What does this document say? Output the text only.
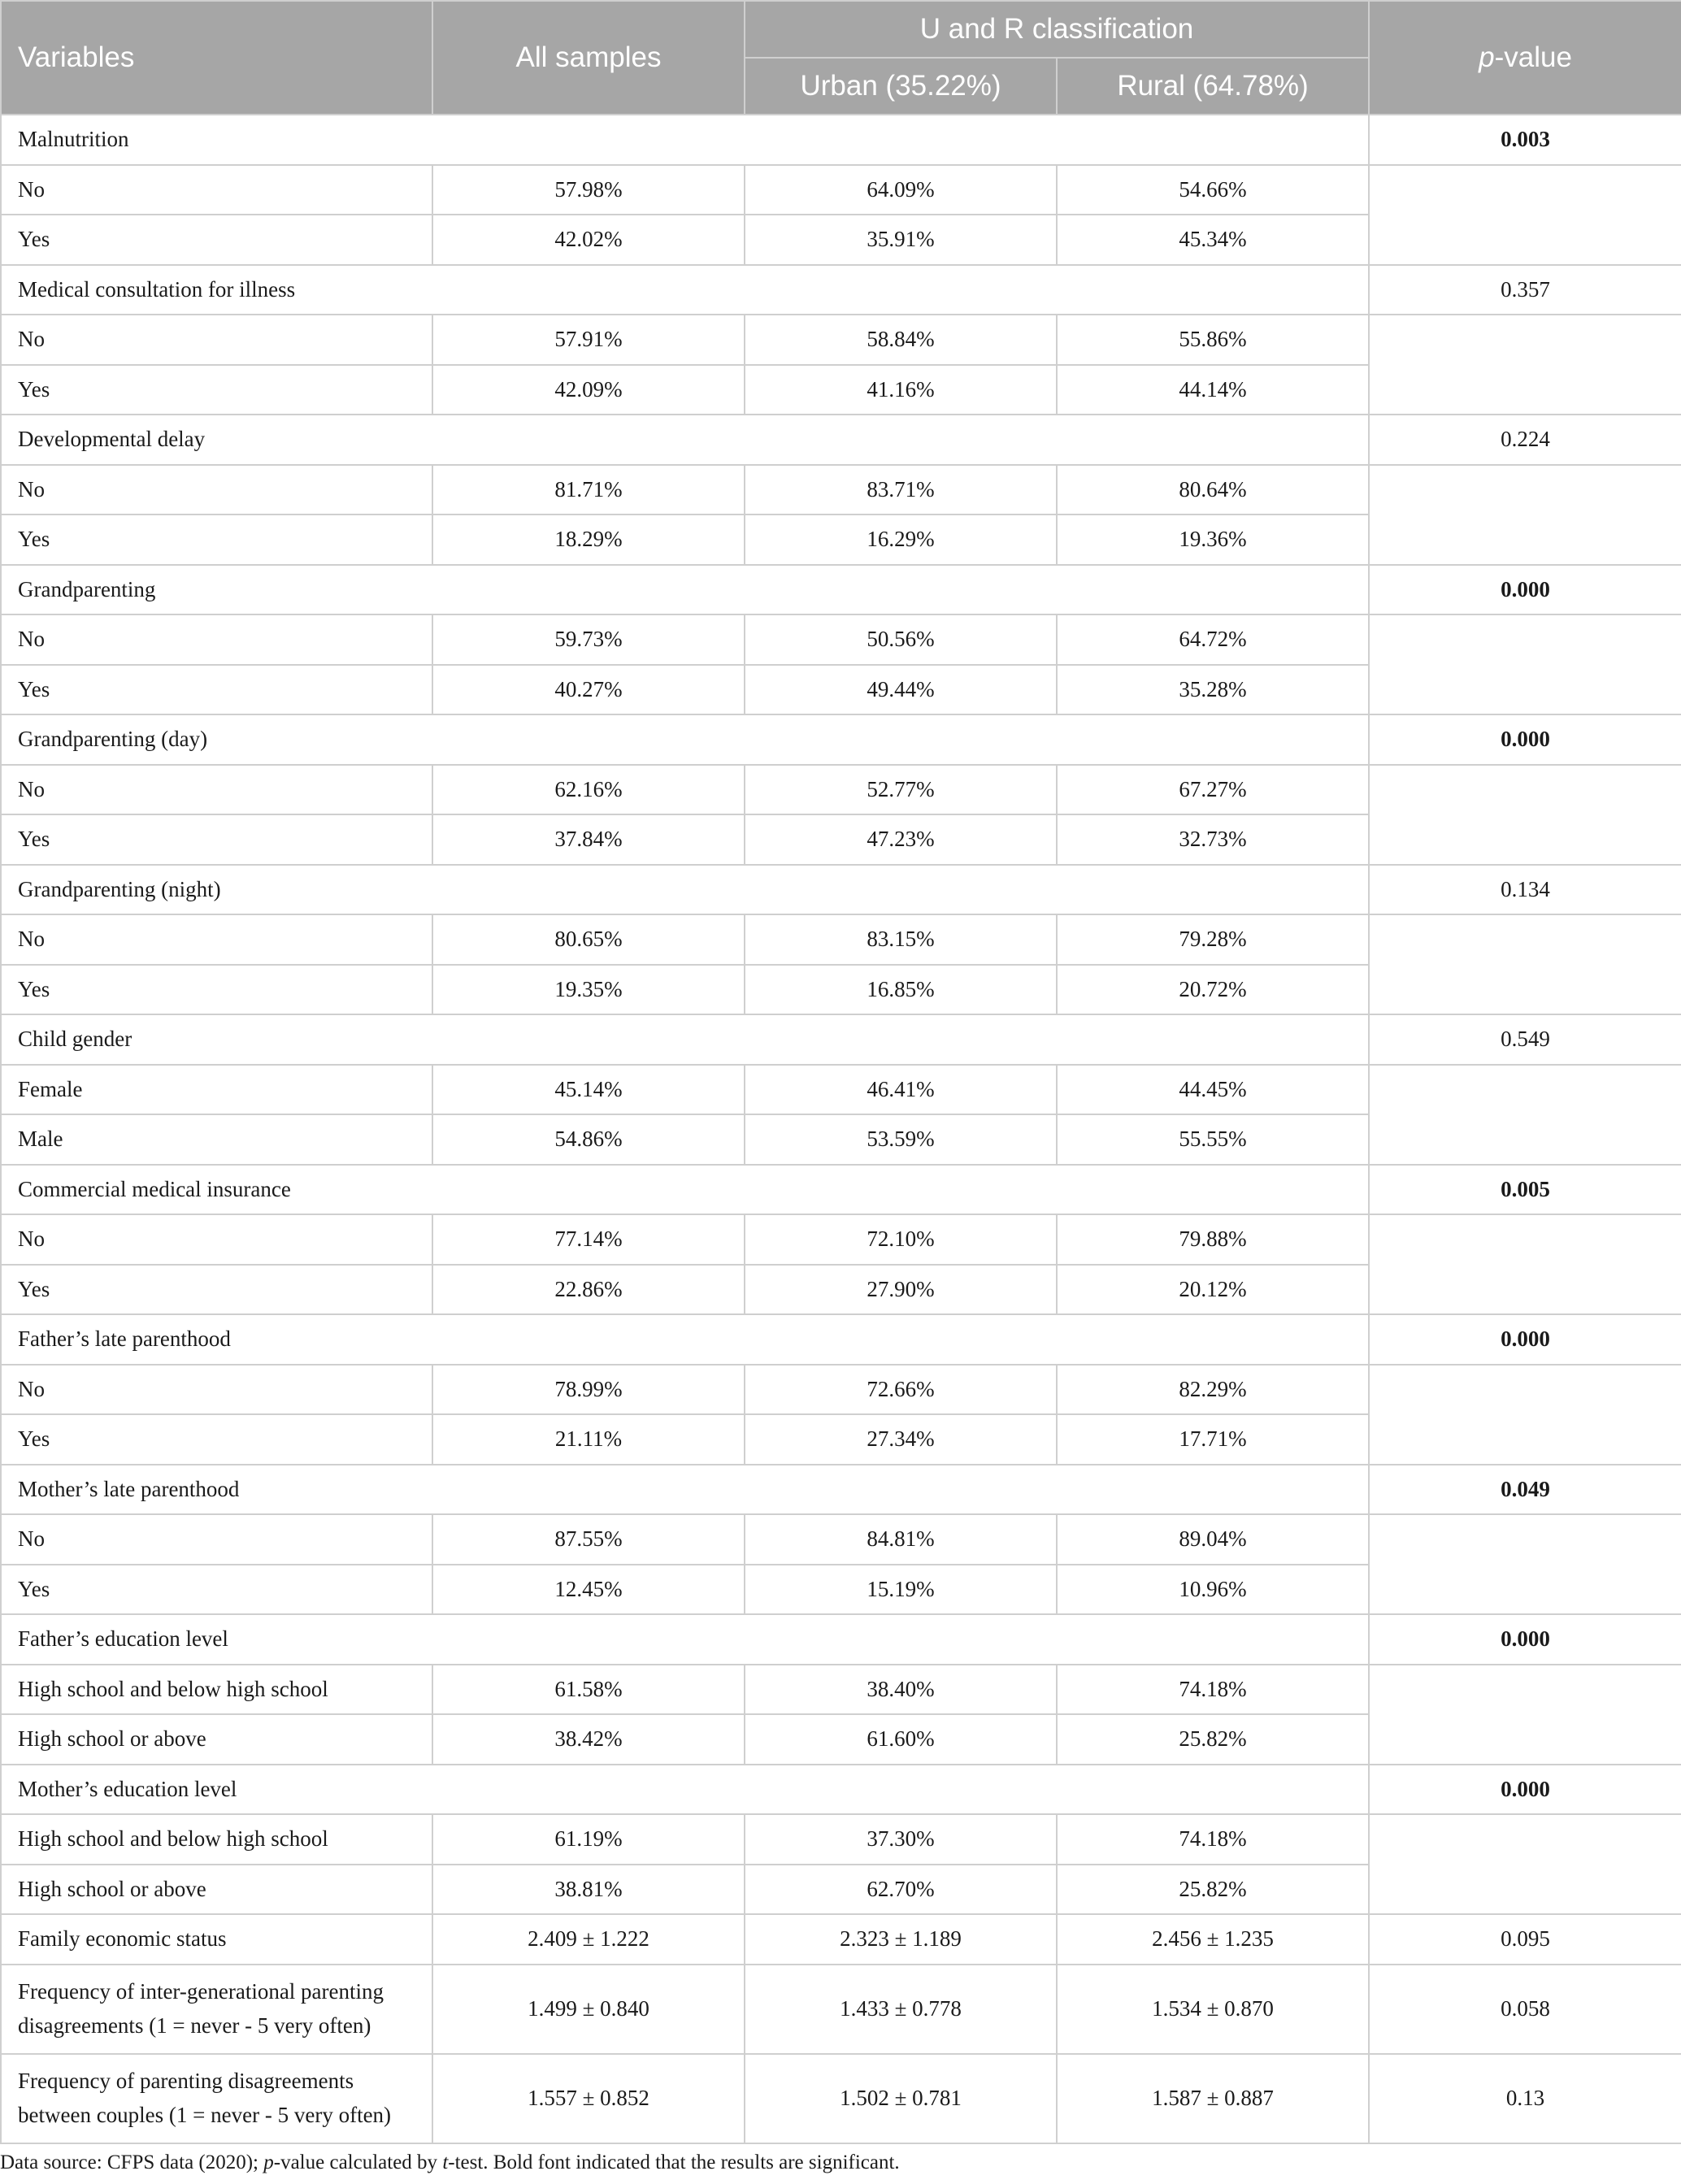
Variables	All samples	U and R classification		p-value
		Urban (35.22%)	Rural (64.78%)	
Malnutrition				0.003
No	57.98%	64.09%	54.66%	
Yes	42.02%	35.91%	45.34%	
Medical consultation for illness				0.357
No	57.91%	58.84%	55.86%	
Yes	42.09%	41.16%	44.14%	
Developmental delay				0.224
No	81.71%	83.71%	80.64%	
Yes	18.29%	16.29%	19.36%	
Grandparenting				0.000
No	59.73%	50.56%	64.72%	
Yes	40.27%	49.44%	35.28%	
Grandparenting (day)				0.000
No	62.16%	52.77%	67.27%	
Yes	37.84%	47.23%	32.73%	
Grandparenting (night)				0.134
No	80.65%	83.15%	79.28%	
Yes	19.35%	16.85%	20.72%	
Child gender				0.549
Female	45.14%	46.41%	44.45%	
Male	54.86%	53.59%	55.55%	
Commercial medical insurance				0.005
No	77.14%	72.10%	79.88%	
Yes	22.86%	27.90%	20.12%	
Father’s late parenthood				0.000
No	78.99%	72.66%	82.29%	
Yes	21.11%	27.34%	17.71%	
Mother’s late parenthood				0.049
No	87.55%	84.81%	89.04%	
Yes	12.45%	15.19%	10.96%	
Father’s education level				0.000
High school and below high school	61.58%	38.40%	74.18%	
High school or above	38.42%	61.60%	25.82%	
Mother’s education level				0.000
High school and below high school	61.19%	37.30%	74.18%	
High school or above	38.81%	62.70%	25.82%	
Family economic status	2.409 ± 1.222	2.323 ± 1.189	2.456 ± 1.235	0.095
Frequency of inter-generational parenting disagreements (1 = never - 5 very often)	1.499 ± 0.840	1.433 ± 0.778	1.534 ± 0.870	0.058
Frequency of parenting disagreements between couples (1 = never - 5 very often)	1.557 ± 0.852	1.502 ± 0.781	1.587 ± 0.887	0.13
Data source: CFPS data (2020); p-value calculated by t-test. Bold font indicated that the results are significant.
